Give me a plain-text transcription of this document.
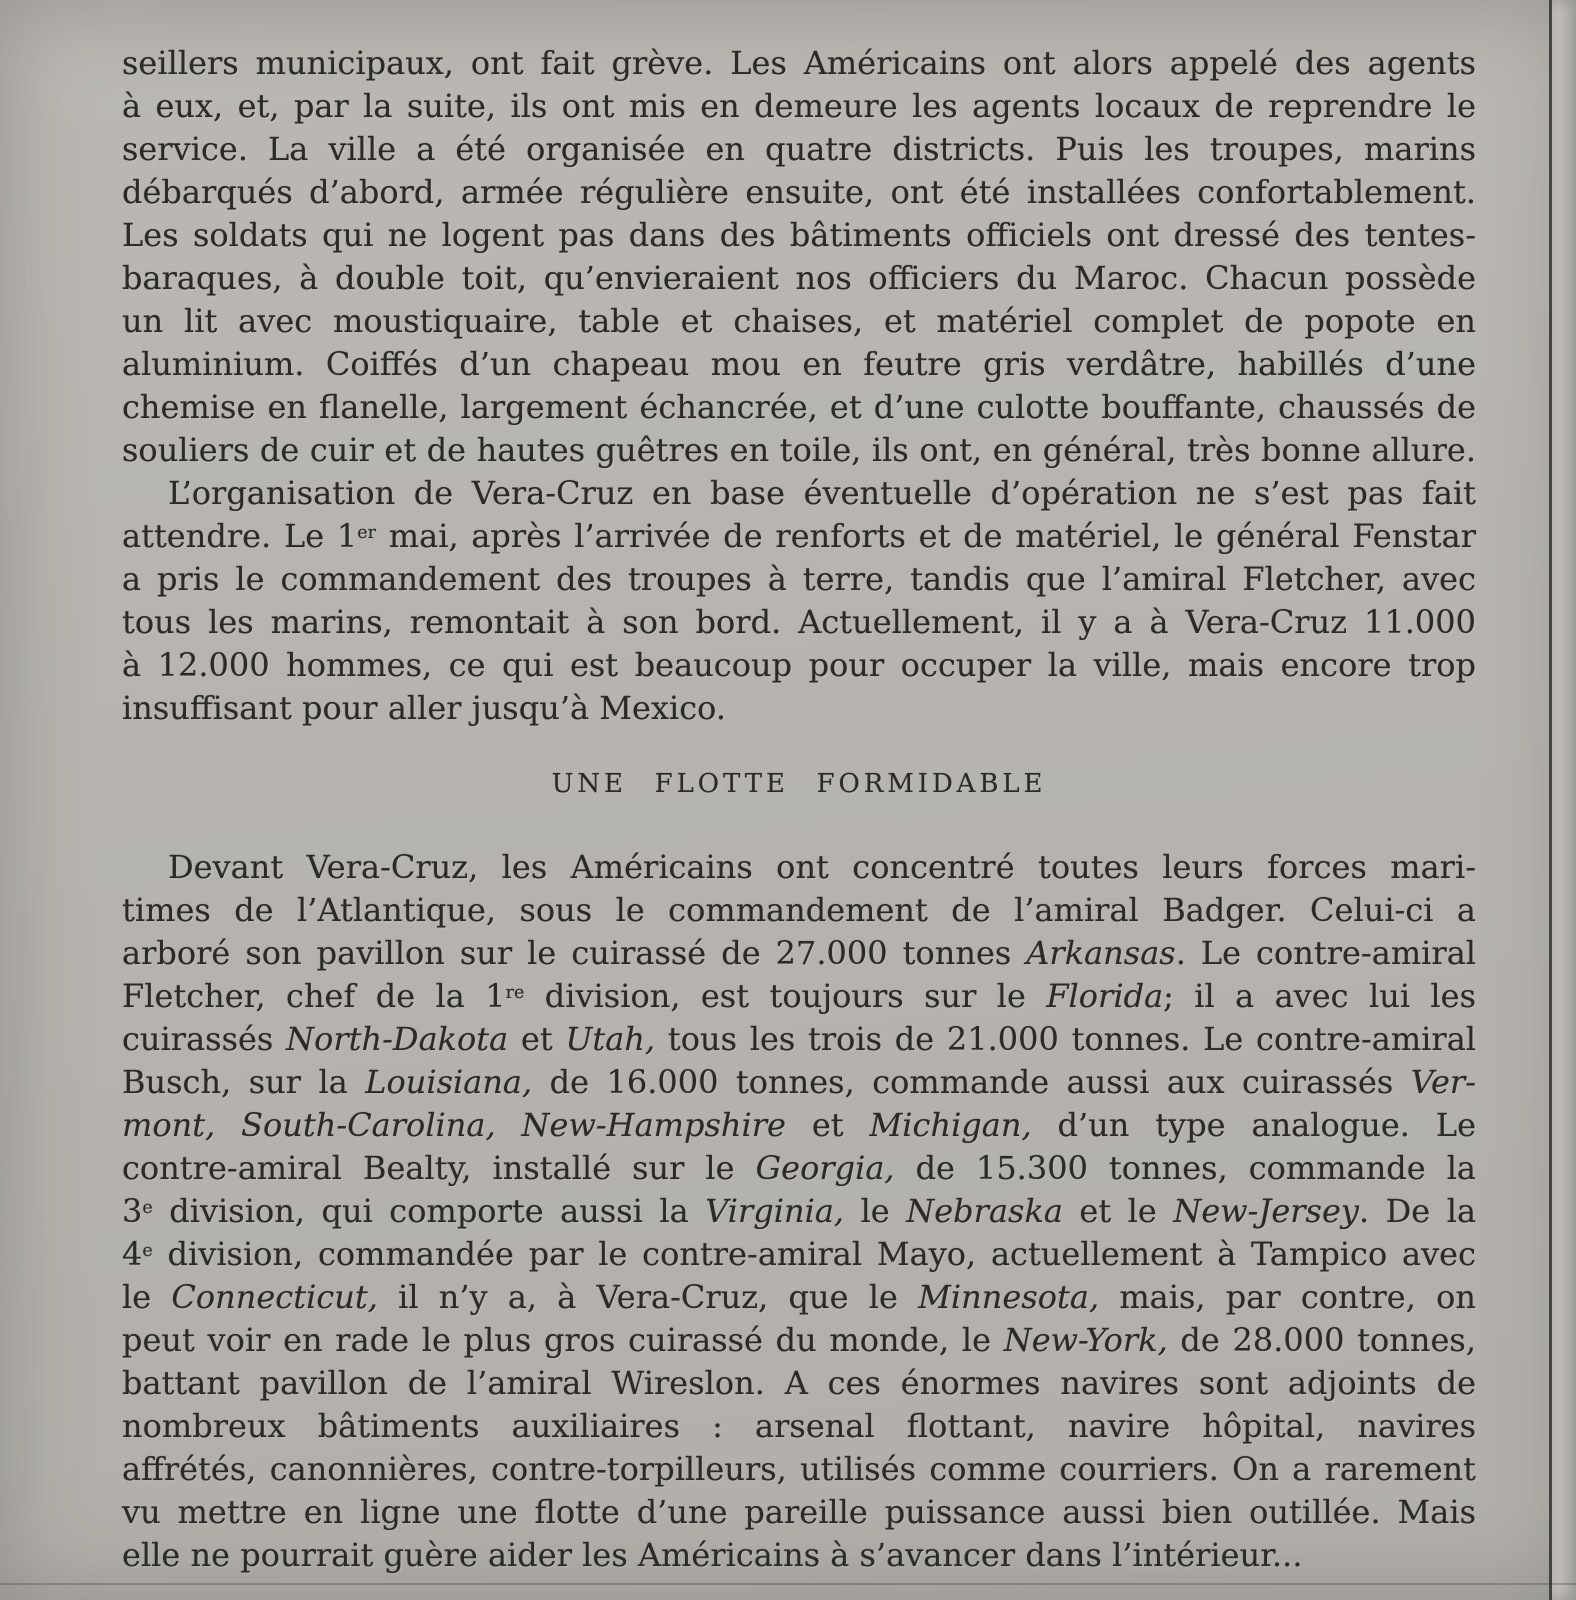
seillers municipaux, ont fait grève. Les Américains ont alors appelé des agents
à eux, et, par la suite, ils ont mis en demeure les agents locaux de reprendre le
service. La ville a été organisée en quatre districts. Puis les troupes, marins
débarqués d’abord, armée régulière ensuite, ont été installées confortablement.
Les soldats qui ne logent pas dans des bâtiments officiels ont dressé des tentes-
baraques, à double toit, qu’envieraient nos officiers du Maroc. Chacun possède
un lit avec moustiquaire, table et chaises, et matériel complet de popote en
aluminium. Coiffés d’un chapeau mou en feutre gris verdâtre, habillés d’une
chemise en flanelle, largement échancrée, et d’une culotte bouffante, chaussés de
souliers de cuir et de hautes guêtres en toile, ils ont, en général, très bonne allure.
L’organisation de Vera-Cruz en base éventuelle d’opération ne s’est pas fait
attendre. Le 1er mai, après l’arrivée de renforts et de matériel, le général Fenstar
a pris le commandement des troupes à terre, tandis que l’amiral Fletcher, avec
tous les marins, remontait à son bord. Actuellement, il y a à Vera-Cruz 11.000
à 12.000 hommes, ce qui est beaucoup pour occuper la ville, mais encore trop
insuffisant pour aller jusqu’à Mexico.
UNE FLOTTE FORMIDABLE
Devant Vera-Cruz, les Américains ont concentré toutes leurs forces mari-
times de l’Atlantique, sous le commandement de l’amiral Badger. Celui-ci a
arboré son pavillon sur le cuirassé de 27.000 tonnes Arkansas. Le contre-amiral
Fletcher, chef de la 1re division, est toujours sur le Florida; il a avec lui les
cuirassés North-Dakota et Utah, tous les trois de 21.000 tonnes. Le contre-amiral
Busch, sur la Louisiana, de 16.000 tonnes, commande aussi aux cuirassés Ver-
mont, South-Carolina, New-Hampshire et Michigan, d’un type analogue. Le
contre-amiral Bealty, installé sur le Georgia, de 15.300 tonnes, commande la
3e division, qui comporte aussi la Virginia, le Nebraska et le New-Jersey. De la
4e division, commandée par le contre-amiral Mayo, actuellement à Tampico avec
le Connecticut, il n’y a, à Vera-Cruz, que le Minnesota, mais, par contre, on
peut voir en rade le plus gros cuirassé du monde, le New-York, de 28.000 tonnes,
battant pavillon de l’amiral Wireslon. A ces énormes navires sont adjoints de
nombreux bâtiments auxiliaires : arsenal flottant, navire hôpital, navires
affrétés, canonnières, contre-torpilleurs, utilisés comme courriers. On a rarement
vu mettre en ligne une flotte d’une pareille puissance aussi bien outillée. Mais
elle ne pourrait guère aider les Américains à s’avancer dans l’intérieur...
